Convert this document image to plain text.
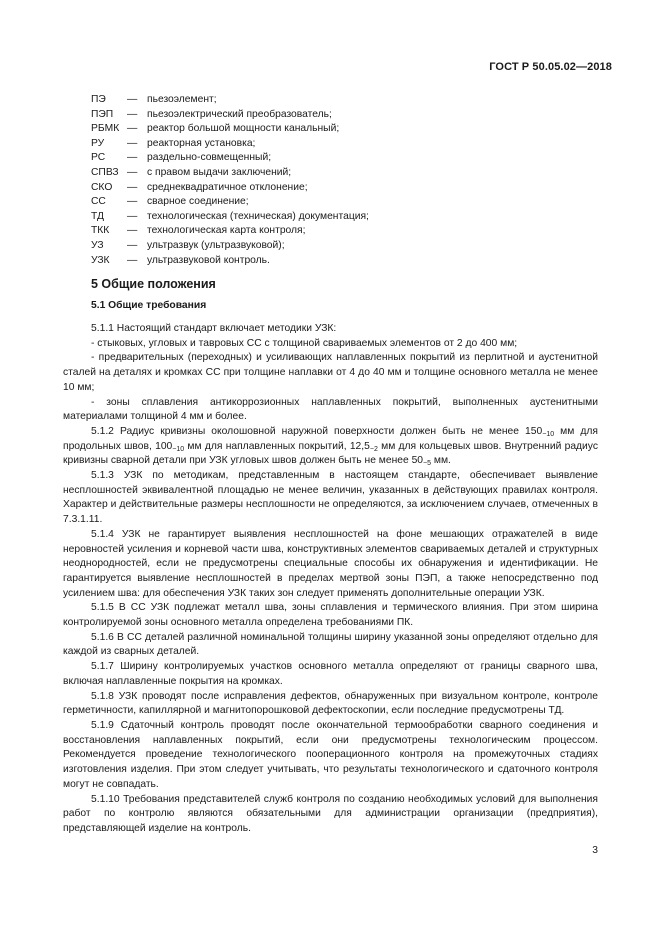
ГОСТ Р 50.05.02—2018
ПЭ	— пьезоэлемент;
ПЭП	— пьезоэлектрический преобразователь;
РБМК — реактор большой мощности канальный;
РУ	— реакторная установка;
РС	— раздельно-совмещенный;
СПВЗ — с правом выдачи заключений;
СКО	— среднеквадратичное отклонение;
СС	— сварное соединение;
ТД	— технологическая (техническая) документация;
ТКК	— технологическая карта контроля;
УЗ	— ультразвук (ультразвуковой);
УЗК	— ультразвуковой контроль.
5 Общие положения
5.1 Общие требования

5.1.1 Настоящий стандарт включает методики УЗК:

- стыковых, угловых и тавровых СС с толщиной свариваемых элементов от 2 до 400 мм;

- предварительных (переходных) и усиливающих наплавленных покрытий из перлитной и аустенитной сталей на деталях и кромках СС при толщине наплавки от 4 до 40 мм и толщине основного металла не менее 10 мм;

- зоны сплавления антикоррозионных наплавленных покрытий, выполненных аустенитными материалами толщиной 4 мм и более.

5.1.2 Радиус кривизны околошовной наружной поверхности должен быть не менее $150_{-10}$ мм для продольных швов, $100_{-10}$ мм для наплавленных покрытий, $12,5_{-2}$ мм для кольцевых швов. Внутренний радиус кривизны сварной детали при УЗК угловых швов должен быть не менее $50_{-5}$ мм.

5.1.3 УЗК по методикам, представленным в настоящем стандарте, обеспечивает выявление несплошностей эквивалентной площадью не менее величин, указанных в действующих правилах контроля. Характер и действительные размеры несплошности не определяются, за исключением случаев, отмеченных в 7.3.1.11.

5.1.4 УЗК не гарантирует выявления несплошностей на фоне мешающих отражателей в виде неровностей усиления и корневой части шва, конструктивных элементов свариваемых деталей и структурных неоднородностей, если не предусмотрены специальные способы их обнаружения и идентификации. Не гарантируется выявление несплошностей в пределах мертвой зоны ПЭП, а также непосредственно под усилением шва: для обеспечения УЗК таких зон следует применять дополнительные операции УЗК.

5.1.5 В СС УЗК подлежат металл шва, зоны сплавления и термического влияния. При этом ширина контролируемой зоны основного металла определена требованиями ПК.

5.1.6 В СС деталей различной номинальной толщины ширину указанной зоны определяют отдельно для каждой из сварных деталей.

5.1.7 Ширину контролируемых участков основного металла определяют от границы сварного шва, включая наплавленные покрытия на кромках.

5.1.8 УЗК проводят после исправления дефектов, обнаруженных при визуальном контроле, контроле герметичности, капиллярной и магнитопорошковой дефектоскопии, если последние предусмотрены ТД.

5.1.9 Сдаточный контроль проводят после окончательной термообработки сварного соединения и восстановления наплавленных покрытий, если они предусмотрены технологическим процессом. Рекомендуется проведение технологического пооперационного контроля на промежуточных стадиях изготовления изделия. При этом следует учитывать, что результаты технологического и сдаточного контроля могут не совпадать.

5.1.10 Требования представителей служб контроля по созданию необходимых условий для выполнения работ по контролю являются обязательными для администрации организации (предприятия), представляющей изделие на контроль.

3
